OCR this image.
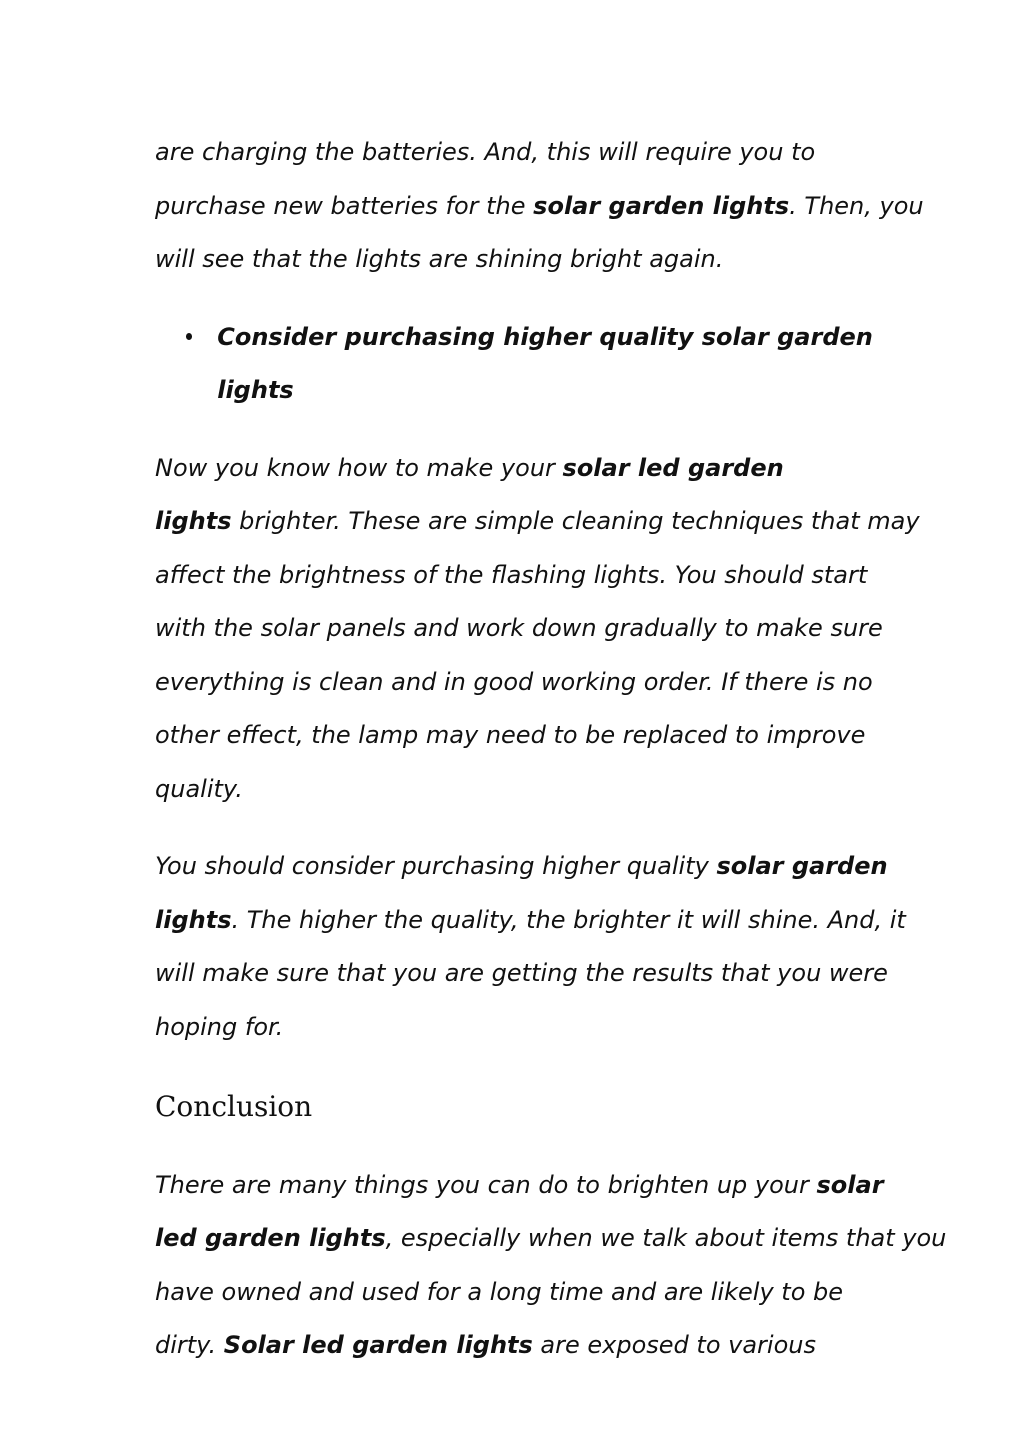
are charging the batteries. And, this will require you to
purchase new batteries for the solar garden lights. Then, you
will see that the lights are shining bright again.

Consider purchasing higher quality solar garden lights

Now you know how to make your solar led garden
lights brighter. These are simple cleaning techniques that may
affect the brightness of the flashing lights. You should start
with the solar panels and work down gradually to make sure
everything is clean and in good working order. If there is no
other effect, the lamp may need to be replaced to improve
quality.

You should consider purchasing higher quality solar garden
lights. The higher the quality, the brighter it will shine. And, it
will make sure that you are getting the results that you were
hoping for.

Conclusion

There are many things you can do to brighten up your solar
led garden lights, especially when we talk about items that you
have owned and used for a long time and are likely to be
dirty. Solar led garden lights are exposed to various
